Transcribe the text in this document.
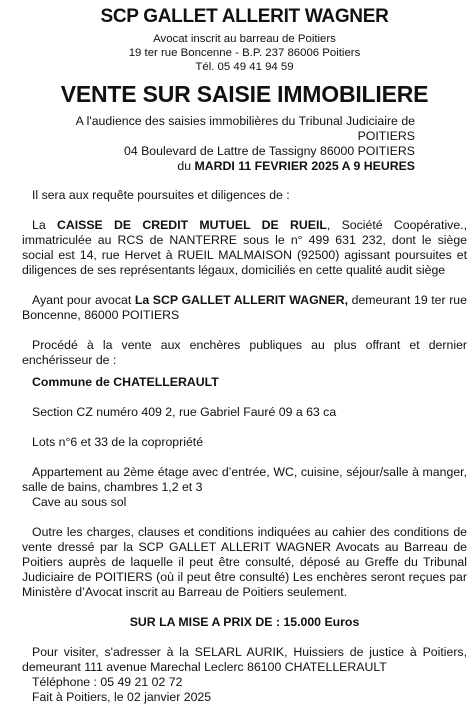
SCP GALLET ALLERIT WAGNER
Avocat inscrit au barreau de Poitiers
19 ter rue Boncenne - B.P. 237 86006 Poitiers
Tél. 05 49 41 94 59
VENTE SUR SAISIE IMMOBILIERE
A l'audience des saisies immobilières du Tribunal Judiciaire de POITIERS
04 Boulevard de Lattre de Tassigny 86000 POITIERS
du MARDI 11 FEVRIER 2025 A 9 HEURES

Il sera aux requête poursuites et diligences de :

La CAISSE DE CREDIT MUTUEL DE RUEIL, Société Coopérative., immatriculée au RCS de NANTERRE sous le n° 499 631 232, dont le siège social est 14, rue Hervet à RUEIL MALMAISON (92500) agissant poursuites et diligences de ses représentants légaux, domiciliés en cette qualité audit siège

Ayant pour avocat La SCP GALLET ALLERIT WAGNER, demeurant 19 ter rue Boncenne, 86000 POITIERS

Procédé à la vente aux enchères publiques au plus offrant et dernier enchérisseur de :

Commune de CHATELLERAULT

Section CZ numéro 409 2, rue Gabriel Fauré 09 a 63 ca

Lots n°6 et 33 de la copropriété

Appartement au 2ème étage avec d’entrée, WC, cuisine, séjour/salle à manger, salle de bains, chambres 1,2 et 3

Cave au sous sol

Outre les charges, clauses et conditions indiquées au cahier des conditions de vente dressé par la SCP GALLET ALLERIT WAGNER Avocats au Barreau de Poitiers auprès de laquelle il peut être consulté, déposé au Greffe du Tribunal Judiciaire de POITIERS (où il peut être consulté) Les enchères seront reçues par Ministère d’Avocat inscrit au Barreau de Poitiers seulement.

SUR LA MISE A PRIX DE : 15.000 Euros

Pour visiter, s'adresser à la SELARL AURIK, Huissiers de justice à Poitiers, demeurant 111 avenue Marechal Leclerc 86100 CHATELLERAULT

Téléphone : 05 49 21 02 72

Fait à Poitiers, le 02 janvier 2025
